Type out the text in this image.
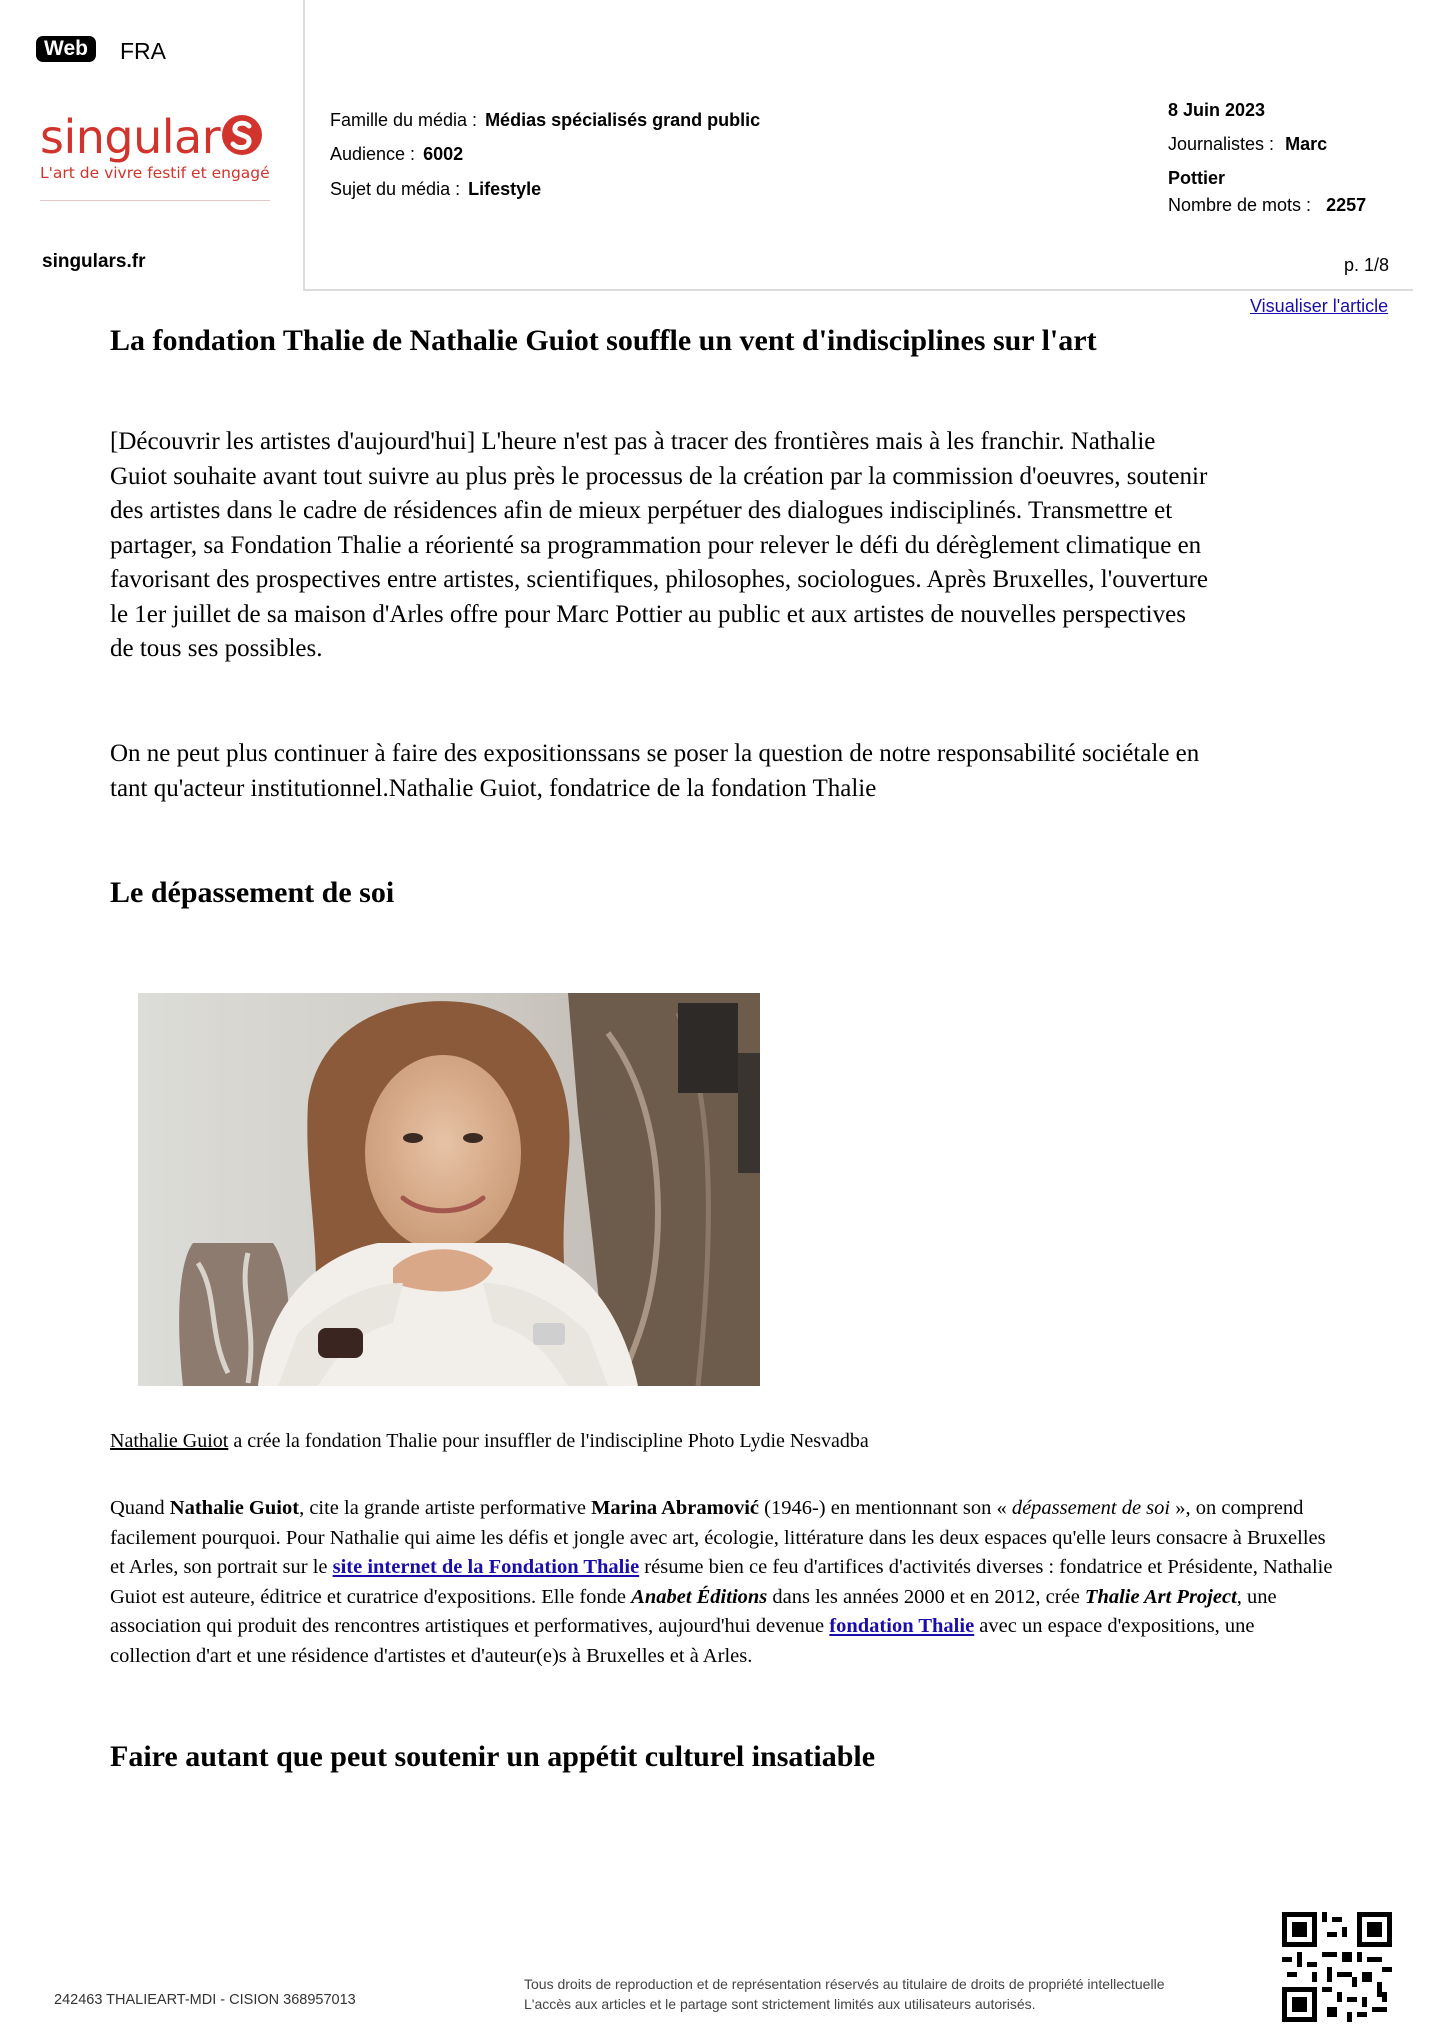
Web	FRA
singular
L'art de vivre festif et engagé
singulars.fr
Famille du média : Médias spécialisés grand public
Audience : 6002
Sujet du média : Lifestyle
8 Juin 2023
Journalistes : Marc
Pottier
Nombre de mots : 2257
p. 1/8
Visualiser l'article
La fondation Thalie de Nathalie Guiot souffle un vent d'indisciplines sur l'art
[Découvrir les artistes d'aujourd'hui] L'heure n'est pas à tracer des frontières mais à les franchir. Nathalie Guiot souhaite avant tout suivre au plus près le processus de la création par la commission d'oeuvres, soutenir des artistes dans le cadre de résidences afin de mieux perpétuer des dialogues indisciplinés. Transmettre et partager, sa Fondation Thalie a réorienté sa programmation pour relever le défi du dérèglement climatique en favorisant des prospectives entre artistes, scientifiques, philosophes, sociologues. Après Bruxelles, l'ouverture le 1er juillet de sa maison d'Arles offre pour Marc Pottier au public et aux artistes de nouvelles perspectives de tous ses possibles.
On ne peut plus continuer à faire des expositionssans se poser la question de notre responsabilité sociétale en tant qu'acteur institutionnel.Nathalie Guiot, fondatrice de la fondation Thalie
Le dépassement de soi
Nathalie Guiot a crée la fondation Thalie pour insuffler de l'indiscipline Photo Lydie Nesvadba
Quand Nathalie Guiot, cite la grande artiste performative Marina Abramović (1946-) en mentionnant son « dépassement de soi », on comprend facilement pourquoi. Pour Nathalie qui aime les défis et jongle avec art, écologie, littérature dans les deux espaces qu'elle leurs consacre à Bruxelles et Arles, son portrait sur le site internet de la Fondation Thalie résume bien ce feu d'artifices d'activités diverses : fondatrice et Présidente, Nathalie Guiot est auteure, éditrice et curatrice d'expositions. Elle fonde Anabet Éditions dans les années 2000 et en 2012, crée Thalie Art Project, une association qui produit des rencontres artistiques et performatives, aujourd'hui devenue fondation Thalie avec un espace d'expositions, une collection d'art et une résidence d'artistes et d'auteur(e)s à Bruxelles et à Arles.
Faire autant que peut soutenir un appétit culturel insatiable
242463 THALIEART-MDI - CISION 368957013
Tous droits de reproduction et de représentation réservés au titulaire de droits de propriété intellectuelle
L'accès aux articles et le partage sont strictement limités aux utilisateurs autorisés.
